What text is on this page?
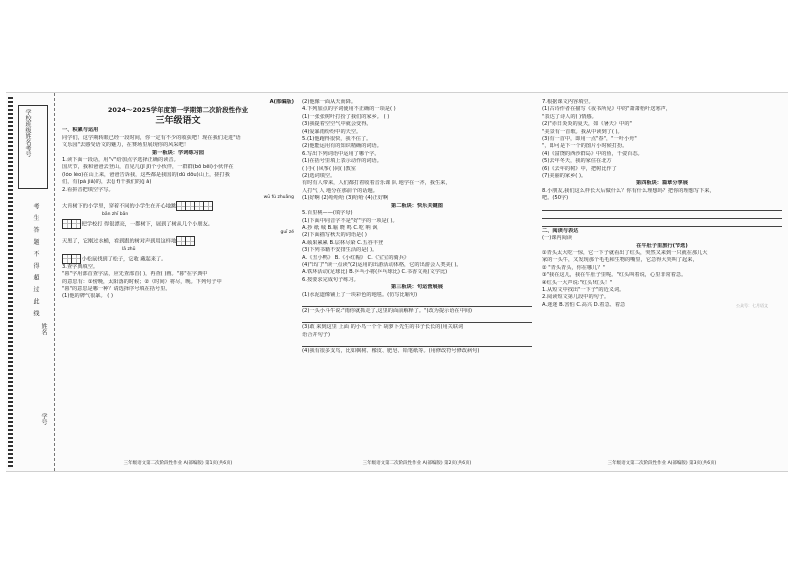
学校班级姓名考号
考 生 答 题 不 得 超 过 此 线
姓名
学号
A(部编版)
2024～2025学年度第一学期第二次阶段性作业
三年级语文
一、积累与运用
同学们，这学期转眼已经一段时间，你一定有不少的收获吧！现在我们走进"语
文乐园"去感受语文的魅力，在赛场里展现你的风采吧！
第一板块：学词练习园
1.读下面一段话，用"√"给加点字选择正确的读音。
国庆节，我和爸爸去登山，首见几(jǐ jī)个小伙伴，一群群(bō bēi)小伙伴在
(lóo léo)在山上来，爸爸告诉我，这些都是我国的(dū dōu)山上，搓打我
们，有(pà jiǎ)的，去(j f)干我们的(j ǎ)
2.看拼音把填空字写。
wū fú zhuāng
大肯树下的小学里，穿着不同的小学生在开心地跳
bān zhī bān
把学校打 得很漂亮，一都树下，展到了树从几个小朋友。
guī zé
天黑了，它刚过水桶，看到跟的树对声到用这样地
lā zhū
小松鼠找到了松子，它收 藏起来了。
3.查字典填空。
"暮"字用部首查字法，应先查部首( )，再查( )画。"暮"在字典中
的意思有：①傍晚，太阳落的时候；②（时间）将尽，晚。下列句子中
"暮"的意思是哪一种？请选择序号填在括号里。
(1)他的牌气很暴。 ( )
三年级语文第二次阶段性作业 A(部编版) 第1页(共6页)
(2)他像一面从天而降。
4.下列加点的字词使用不正确的一项是( )
(1)一张张树叶打扮了我们的家乡。 ( )
(3)我提着空空气中就会变得。
(4)爱暴雨纷纷中的天空。
5.(1)他跑得很快，我不住了。
(2)他能运用有的知识精确的词语。
6.写出下列词语中运用了哪个字。
(1)在括号里填上表示动作的词语。
( )手( )风筝( )同( )教室
(2)选词填空。
有时有人带来，人们都打着收着音乐课 队 地学在一齐，我生来，
人打气 人 地分在那前个的话题。
(1)好啊 (2)哈哈哈 (3)哈哈 (4)正好啊
第二板块：快乐关键图
5.百里桃——(填字母)
(1)下面中同音字不是"好"字的一项是( )。
A.抄 纸 城 B.喻 晓 鸣 C.吃 呐 讽
(2)下面描写秋天的词语是( )
A.硕果累累 B.层林尽染 C.五谷丰登
(3)下列书籍不安排生活的是( )。
A.《丑小鸭》 B.《小红帽》 C.《宝宝的骑兵》
(4)"出门""读一点读"(2)运用的出游活动体格，它的出游会人类美( )。
A.铁环活动(足球比) B.乒乓小将(乒乓球比) C.书香文苑(文学比)
6.按要求完成句子练习。
第三板块：句运营展展
(1)水泥道像铺上了一块彩色的地毯。(仿写比喻句)
(2)一头小斗牛说:"雨你就抓走了,这里的面前解释了。"(改为提示语在中间)
(3)敢 来到这里 上面 的小鸟一个个 胡萝卜先生的书子长长的(用关联词
语合并句子)
(4)我有很多支鸟，比如枫树、橡皮、肥皂、铅笔纸等。(用修改符号修改病句)
三年级语文第二次阶段性作业 A(部编版) 第2页(共6页)
7.根据课文内容填空。
(1)古诗作者在描写《夜书所见》中的"萧萧梧叶送寒声，
"表达了诗人的( )情感。
(2)"赤日炎炎的夏天，如《暑天》中的"
"美景有一首歌。我从中读到了( )。
(3)有一首中，即用一点"春"，"一叶小舟"
"，即可是下一个的图片小时候打扮。
(4)《富饶的西沙群岛》中的鱼，千姿百态。
(5)去年冬天，我的家住在北方
(6)《去年的树》中，把树比作了
(7)美丽的家乡( )。
第四板块：篇章分享展
8.小朋友,我们这么样长大后做什么？你有什么理想吗？把你的理想写下来，
吧。(50字)
二、阅读与表达
(一)课内阅读
在牛肚子里旅行(节选)
①青头太大吃一惊，它一下子就看出了红头，突然又来到一只就在那儿大
家的一头牛，又发现那个毛毛和生物的嘴里，它急得大哭叫了起来，
② "青头青头，你在哪儿？"
③"我在这儿，我在牛肚子里呢。"红头叫着说，心里非常着急。
④红头一大声说:"红头!红头！"
1.从短文中找出"一下子"的近义词。
2.阅读短文第几段中的句子。
A.迷迷 B.害怕 C.高兴 D.着急、着急
三年级语文第二次阶段性作业 A(部编版) 第3页(共6页)
公众号：七月语文
